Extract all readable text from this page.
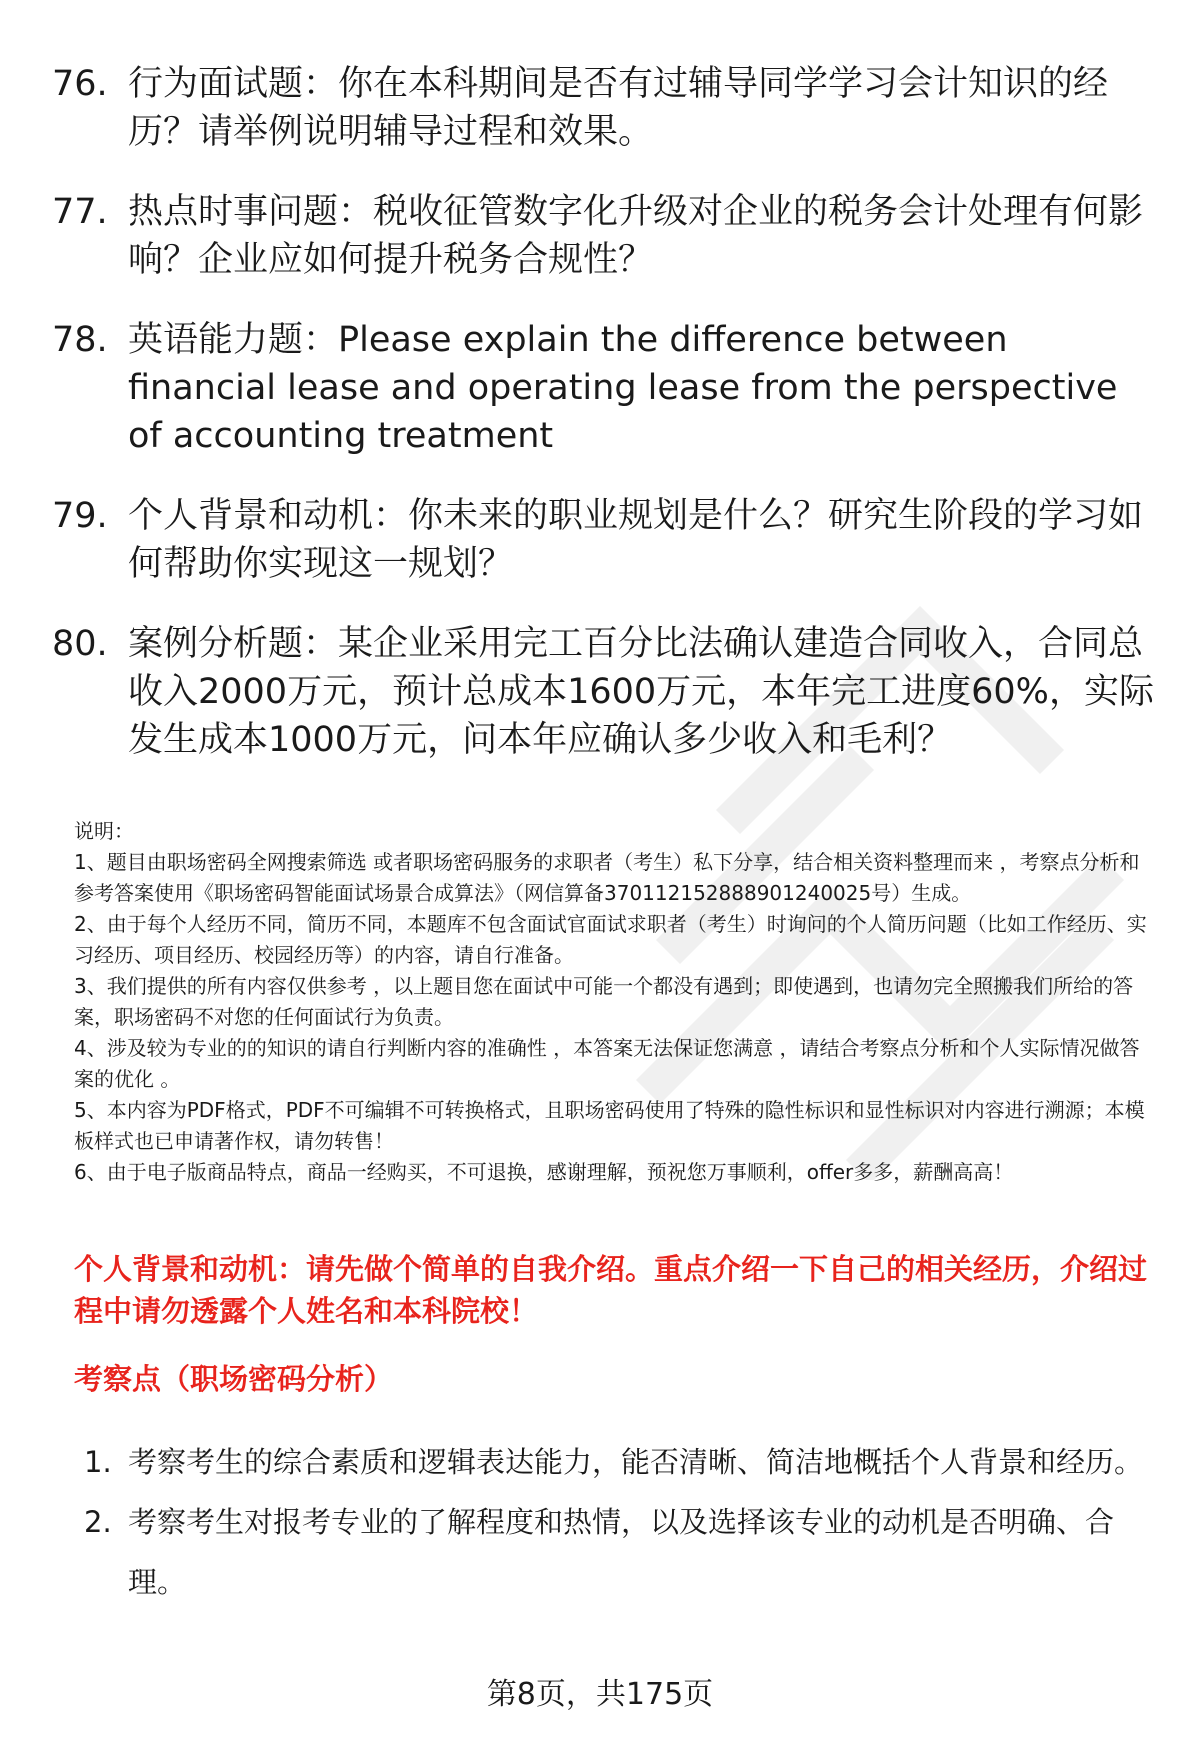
76. 行为面试题：你在本科期间是否有过辅导同学学习会计知识的经历？请举例说明辅导过程和效果。
77. 热点时事问题：税收征管数字化升级对企业的税务会计处理有何影响？企业应如何提升税务合规性？
78. 英语能力题：Please explain the difference between financial lease and operating lease from the perspective of accounting treatment
79. 个人背景和动机：你未来的职业规划是什么？研究生阶段的学习如何帮助你实现这一规划？
80. 案例分析题：某企业采用完工百分比法确认建造合同收入，合同总收入2000万元，预计总成本1600万元，本年完工进度60%，实际发生成本1000万元，问本年应确认多少收入和毛利？
说明：
1、题目由职场密码全网搜索筛选 或者职场密码服务的求职者（考生）私下分享，结合相关资料整理而来 ，考察点分析和参考答案使用《职场密码智能面试场景合成算法》（网信算备370112152888901240025号）生成。
2、由于每个人经历不同，简历不同，本题库不包含面试官面试求职者（考生）时询问的个人简历问题（比如工作经历、实习经历、项目经历、校园经历等）的内容，请自行准备。
3、我们提供的所有内容仅供参考 ，以上题目您在面试中可能一个都没有遇到；即使遇到，也请勿完全照搬我们所给的答案，职场密码不对您的任何面试行为负责。
4、涉及较为专业的的知识的请自行判断内容的准确性 ，本答案无法保证您满意 ，请结合考察点分析和个人实际情况做答案的优化 。
5、本内容为PDF格式，PDF不可编辑不可转换格式，且职场密码使用了特殊的隐性标识和显性标识对内容进行溯源；本模板样式也已申请著作权，请勿转售！
6、由于电子版商品特点，商品一经购买，不可退换，感谢理解，预祝您万事顺利，offer多多，薪酬高高！
个人背景和动机：请先做个简单的自我介绍。重点介绍一下自己的相关经历，介绍过程中请勿透露个人姓名和本科院校！
考察点（职场密码分析）
1. 考察考生的综合素质和逻辑表达能力，能否清晰、简洁地概括个人背景和经历。
2. 考察考生对报考专业的了解程度和热情，以及选择该专业的动机是否明确、合理。
第8页，共175页
